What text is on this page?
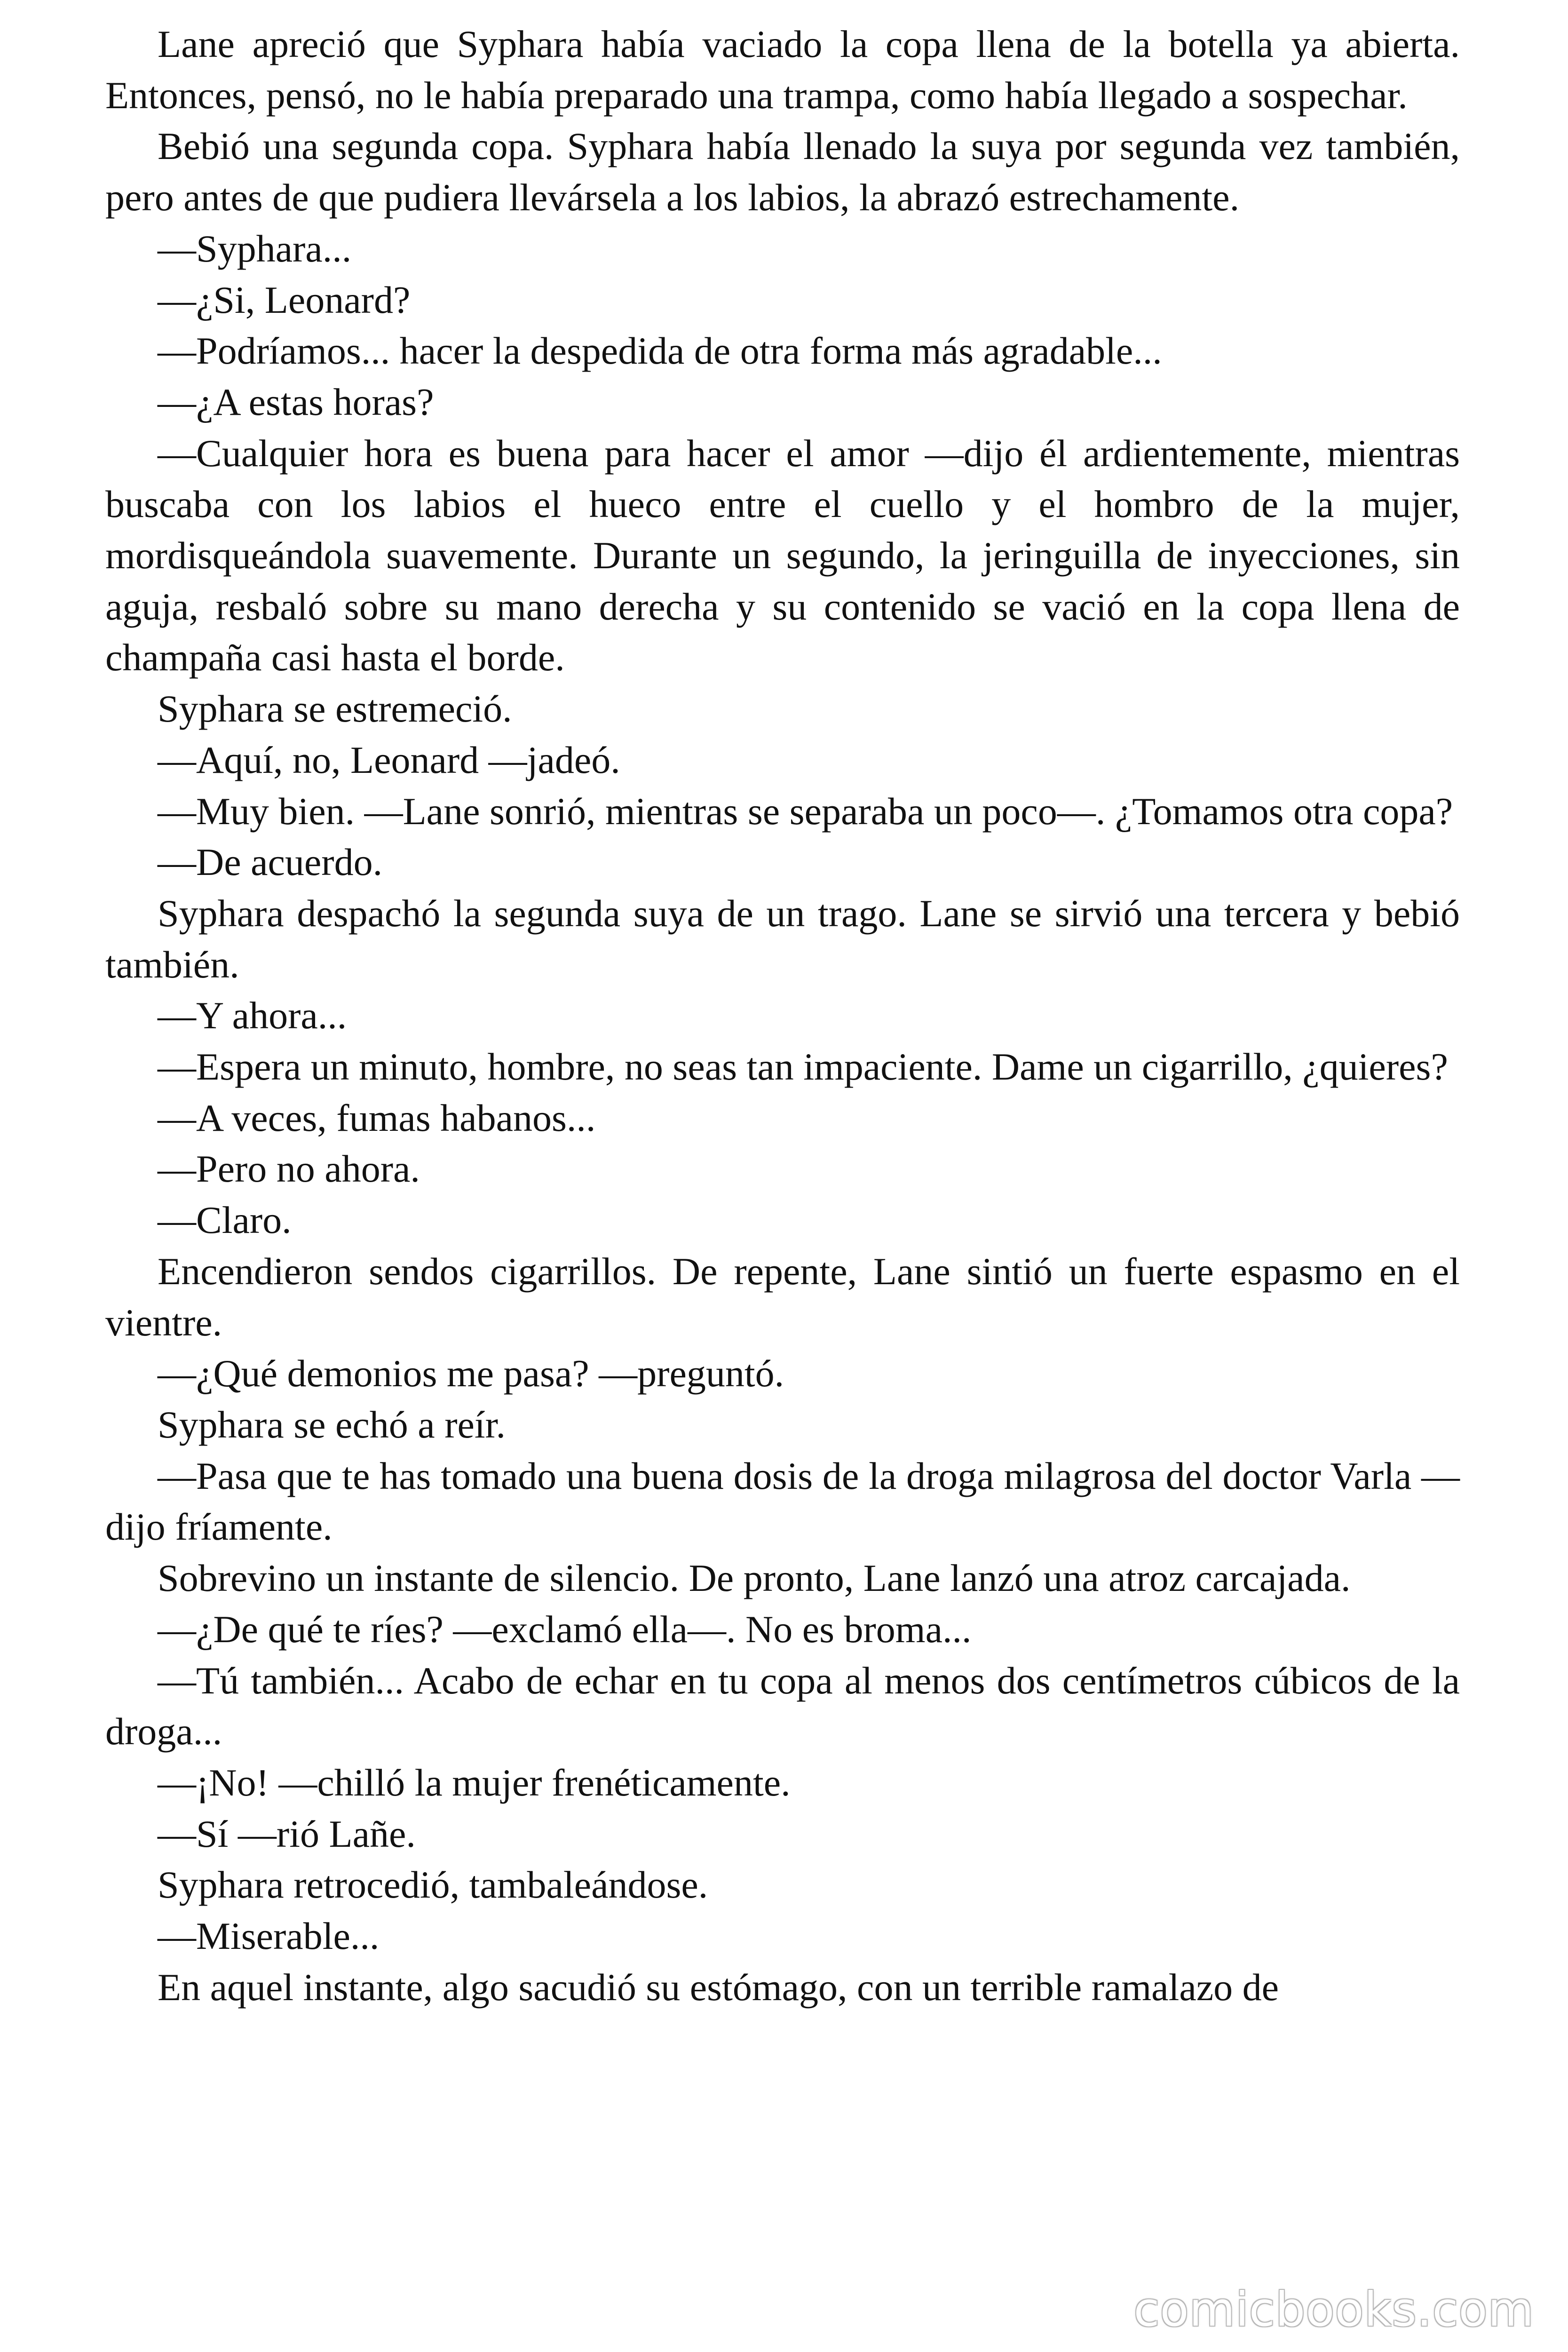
Lane apreció que Syphara había vaciado la copa llena de la botella ya abierta. Entonces, pensó, no le había preparado una trampa, como había llegado a sospechar.

Bebió una segunda copa. Syphara había llenado la suya por segunda vez también, pero antes de que pudiera llevársela a los labios, la abrazó estrechamente.

—Syphara...

—¿Si, Leonard?

—Podríamos... hacer la despedida de otra forma más agradable...

—¿A estas horas?

—Cualquier hora es buena para hacer el amor —dijo él ardientemente, mientras buscaba con los labios el hueco entre el cuello y el hombro de la mujer, mordisqueándola suavemente. Durante un segundo, la jeringuilla de inyecciones, sin aguja, resbaló sobre su mano derecha y su contenido se vació en la copa llena de champaña casi hasta el borde.

Syphara se estremeció.

—Aquí, no, Leonard —jadeó.

—Muy bien. —Lane sonrió, mientras se separaba un poco—. ¿Tomamos otra copa?

—De acuerdo.

Syphara despachó la segunda suya de un trago. Lane se sirvió una tercera y bebió también.

—Y ahora...

—Espera un minuto, hombre, no seas tan impaciente. Dame un cigarrillo, ¿quieres?

—A veces, fumas habanos...

—Pero no ahora.

—Claro.

Encendieron sendos cigarrillos. De repente, Lane sintió un fuerte espasmo en el vientre.

—¿Qué demonios me pasa? —preguntó.

Syphara se echó a reír.

—Pasa que te has tomado una buena dosis de la droga milagrosa del doctor Varla —dijo fríamente.

Sobrevino un instante de silencio. De pronto, Lane lanzó una atroz carcajada.

—¿De qué te ríes? —exclamó ella—. No es broma...

—Tú también... Acabo de echar en tu copa al menos dos centímetros cúbicos de la droga...

—¡No! —chilló la mujer frenéticamente.

—Sí —rió Lañe.

Syphara retrocedió, tambaleándose.

—Miserable...

En aquel instante, algo sacudió su estómago, con un terrible ramalazo de

comicbooks.com
